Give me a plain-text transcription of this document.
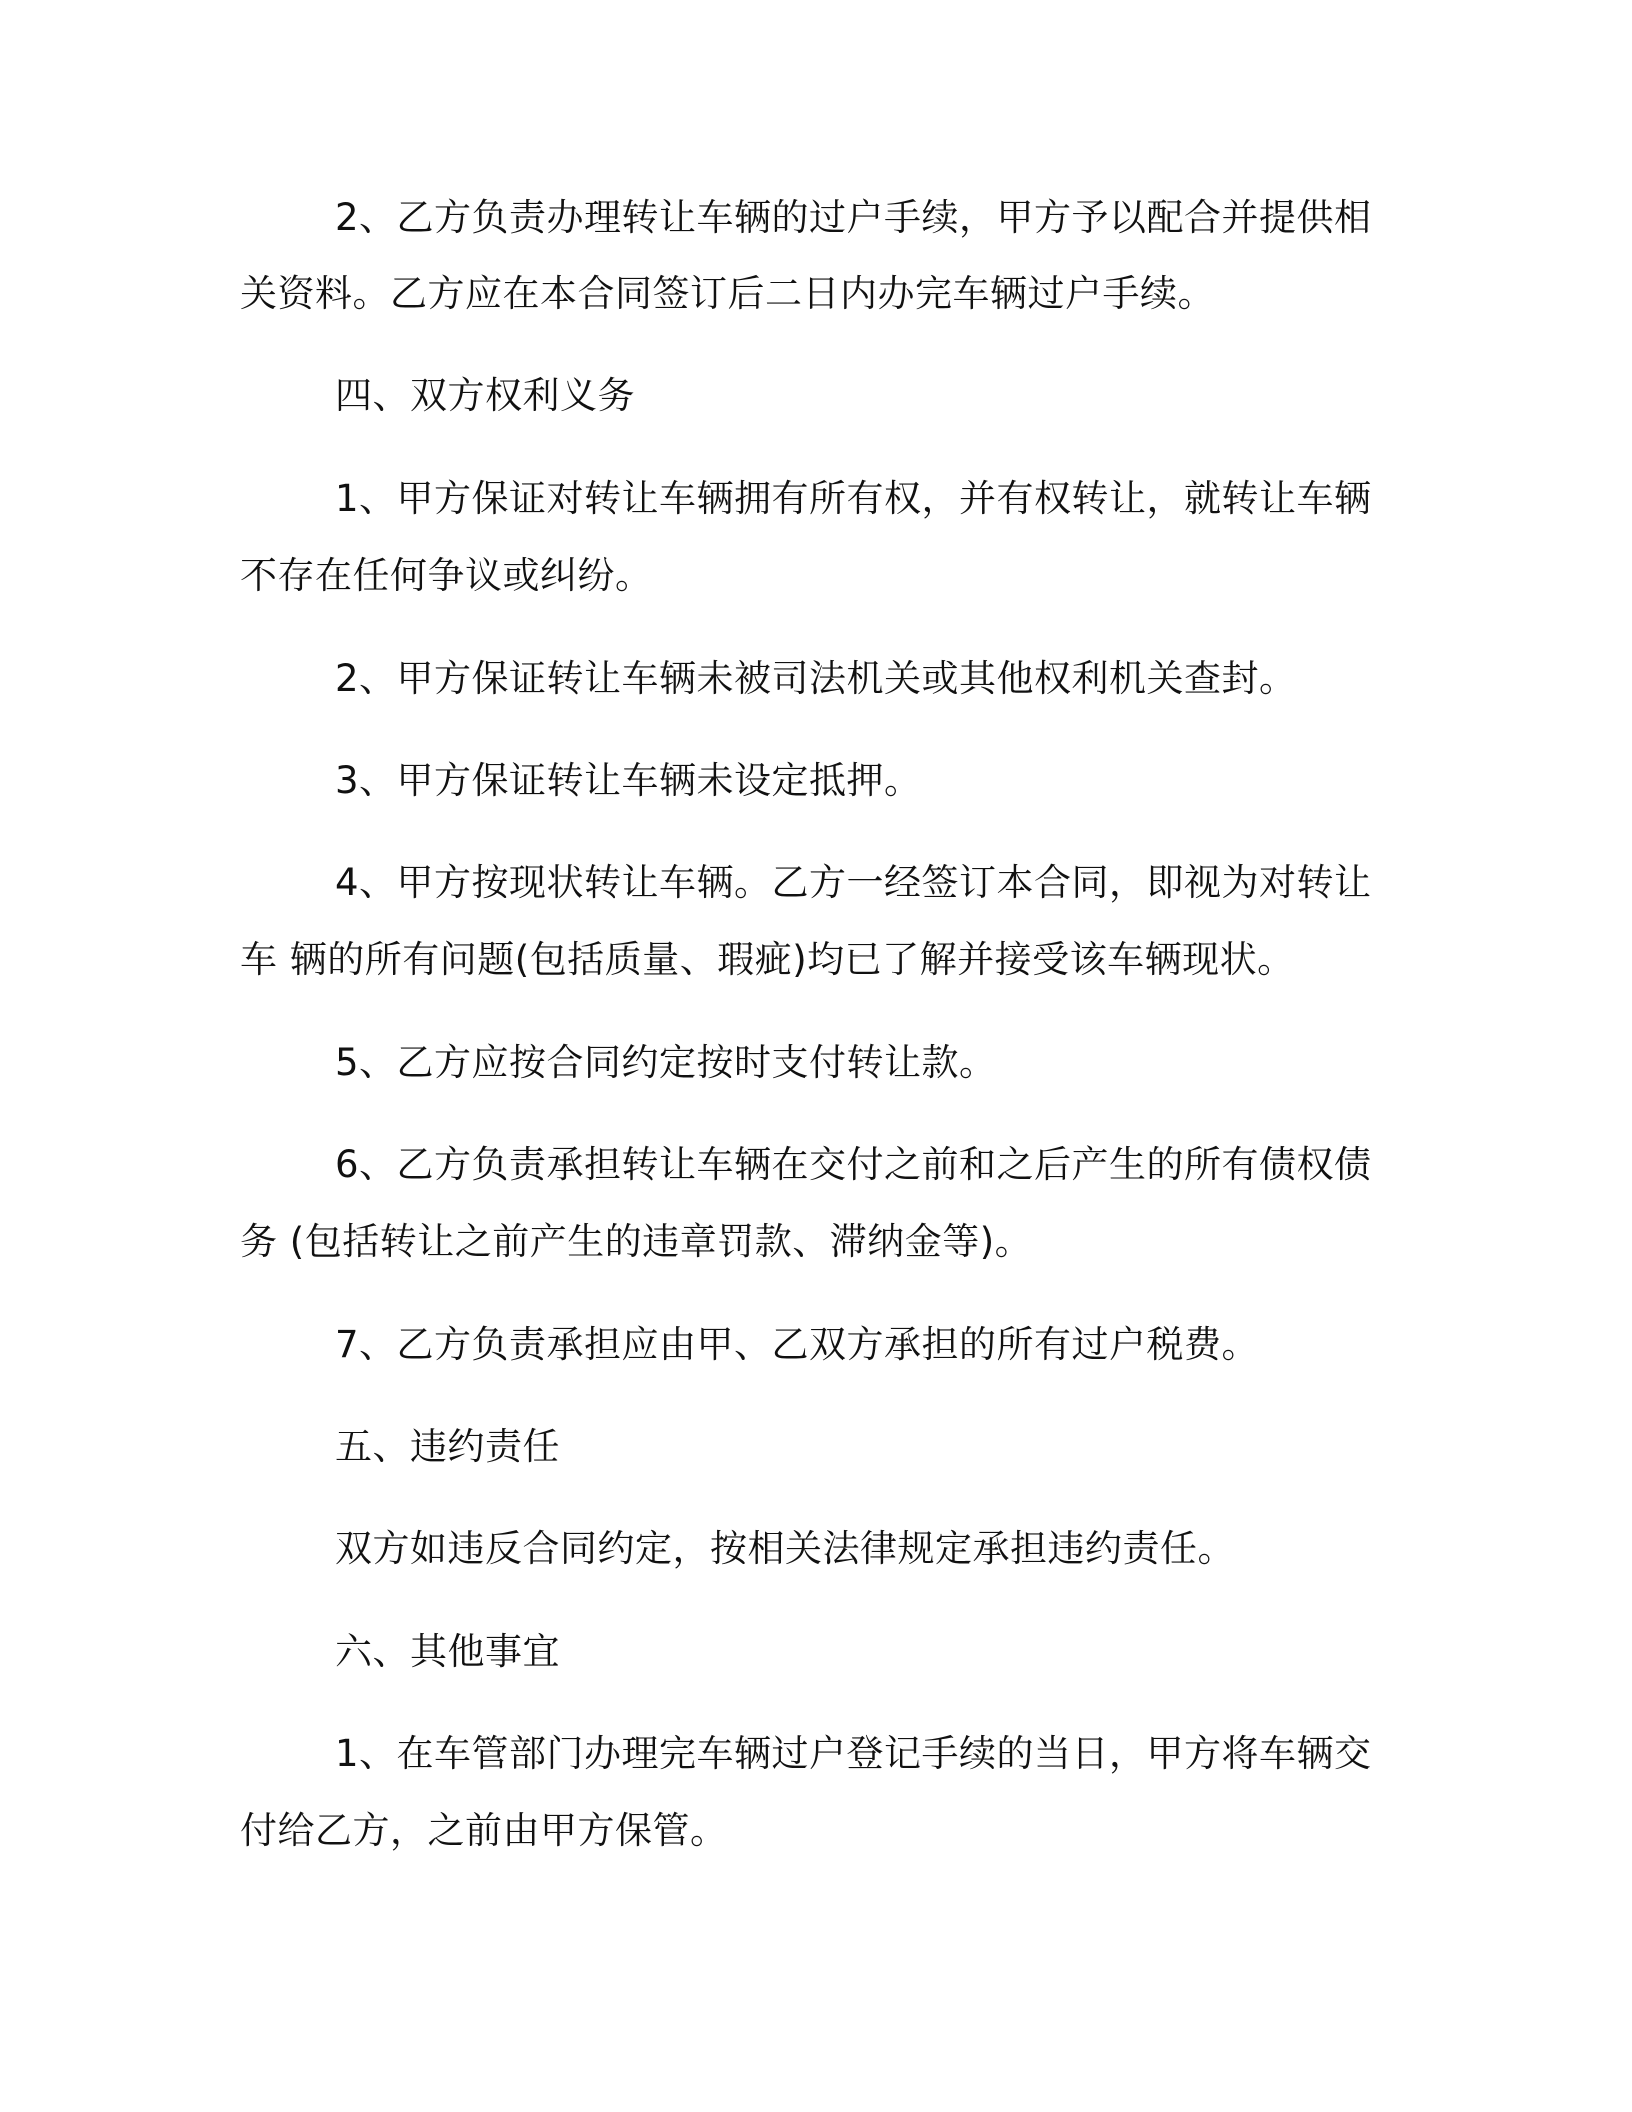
2、乙方负责办理转让车辆的过户手续，甲方予以配合并提供相
关资料。乙方应在本合同签订后二日内办完车辆过户手续。
四、双方权利义务
1、甲方保证对转让车辆拥有所有权，并有权转让，就转让车辆
不存在任何争议或纠纷。
2、甲方保证转让车辆未被司法机关或其他权利机关查封。
3、甲方保证转让车辆未设定抵押。
4、甲方按现状转让车辆。乙方一经签订本合同，即视为对转让
车 辆的所有问题(包括质量、瑕疵)均已了解并接受该车辆现状。
5、乙方应按合同约定按时支付转让款。
6、乙方负责承担转让车辆在交付之前和之后产生的所有债权债
务 (包括转让之前产生的违章罚款、滞纳金等)。
7、乙方负责承担应由甲、乙双方承担的所有过户税费。
五、违约责任
双方如违反合同约定，按相关法律规定承担违约责任。
六、其他事宜
1、在车管部门办理完车辆过户登记手续的当日，甲方将车辆交
付给乙方，之前由甲方保管。
